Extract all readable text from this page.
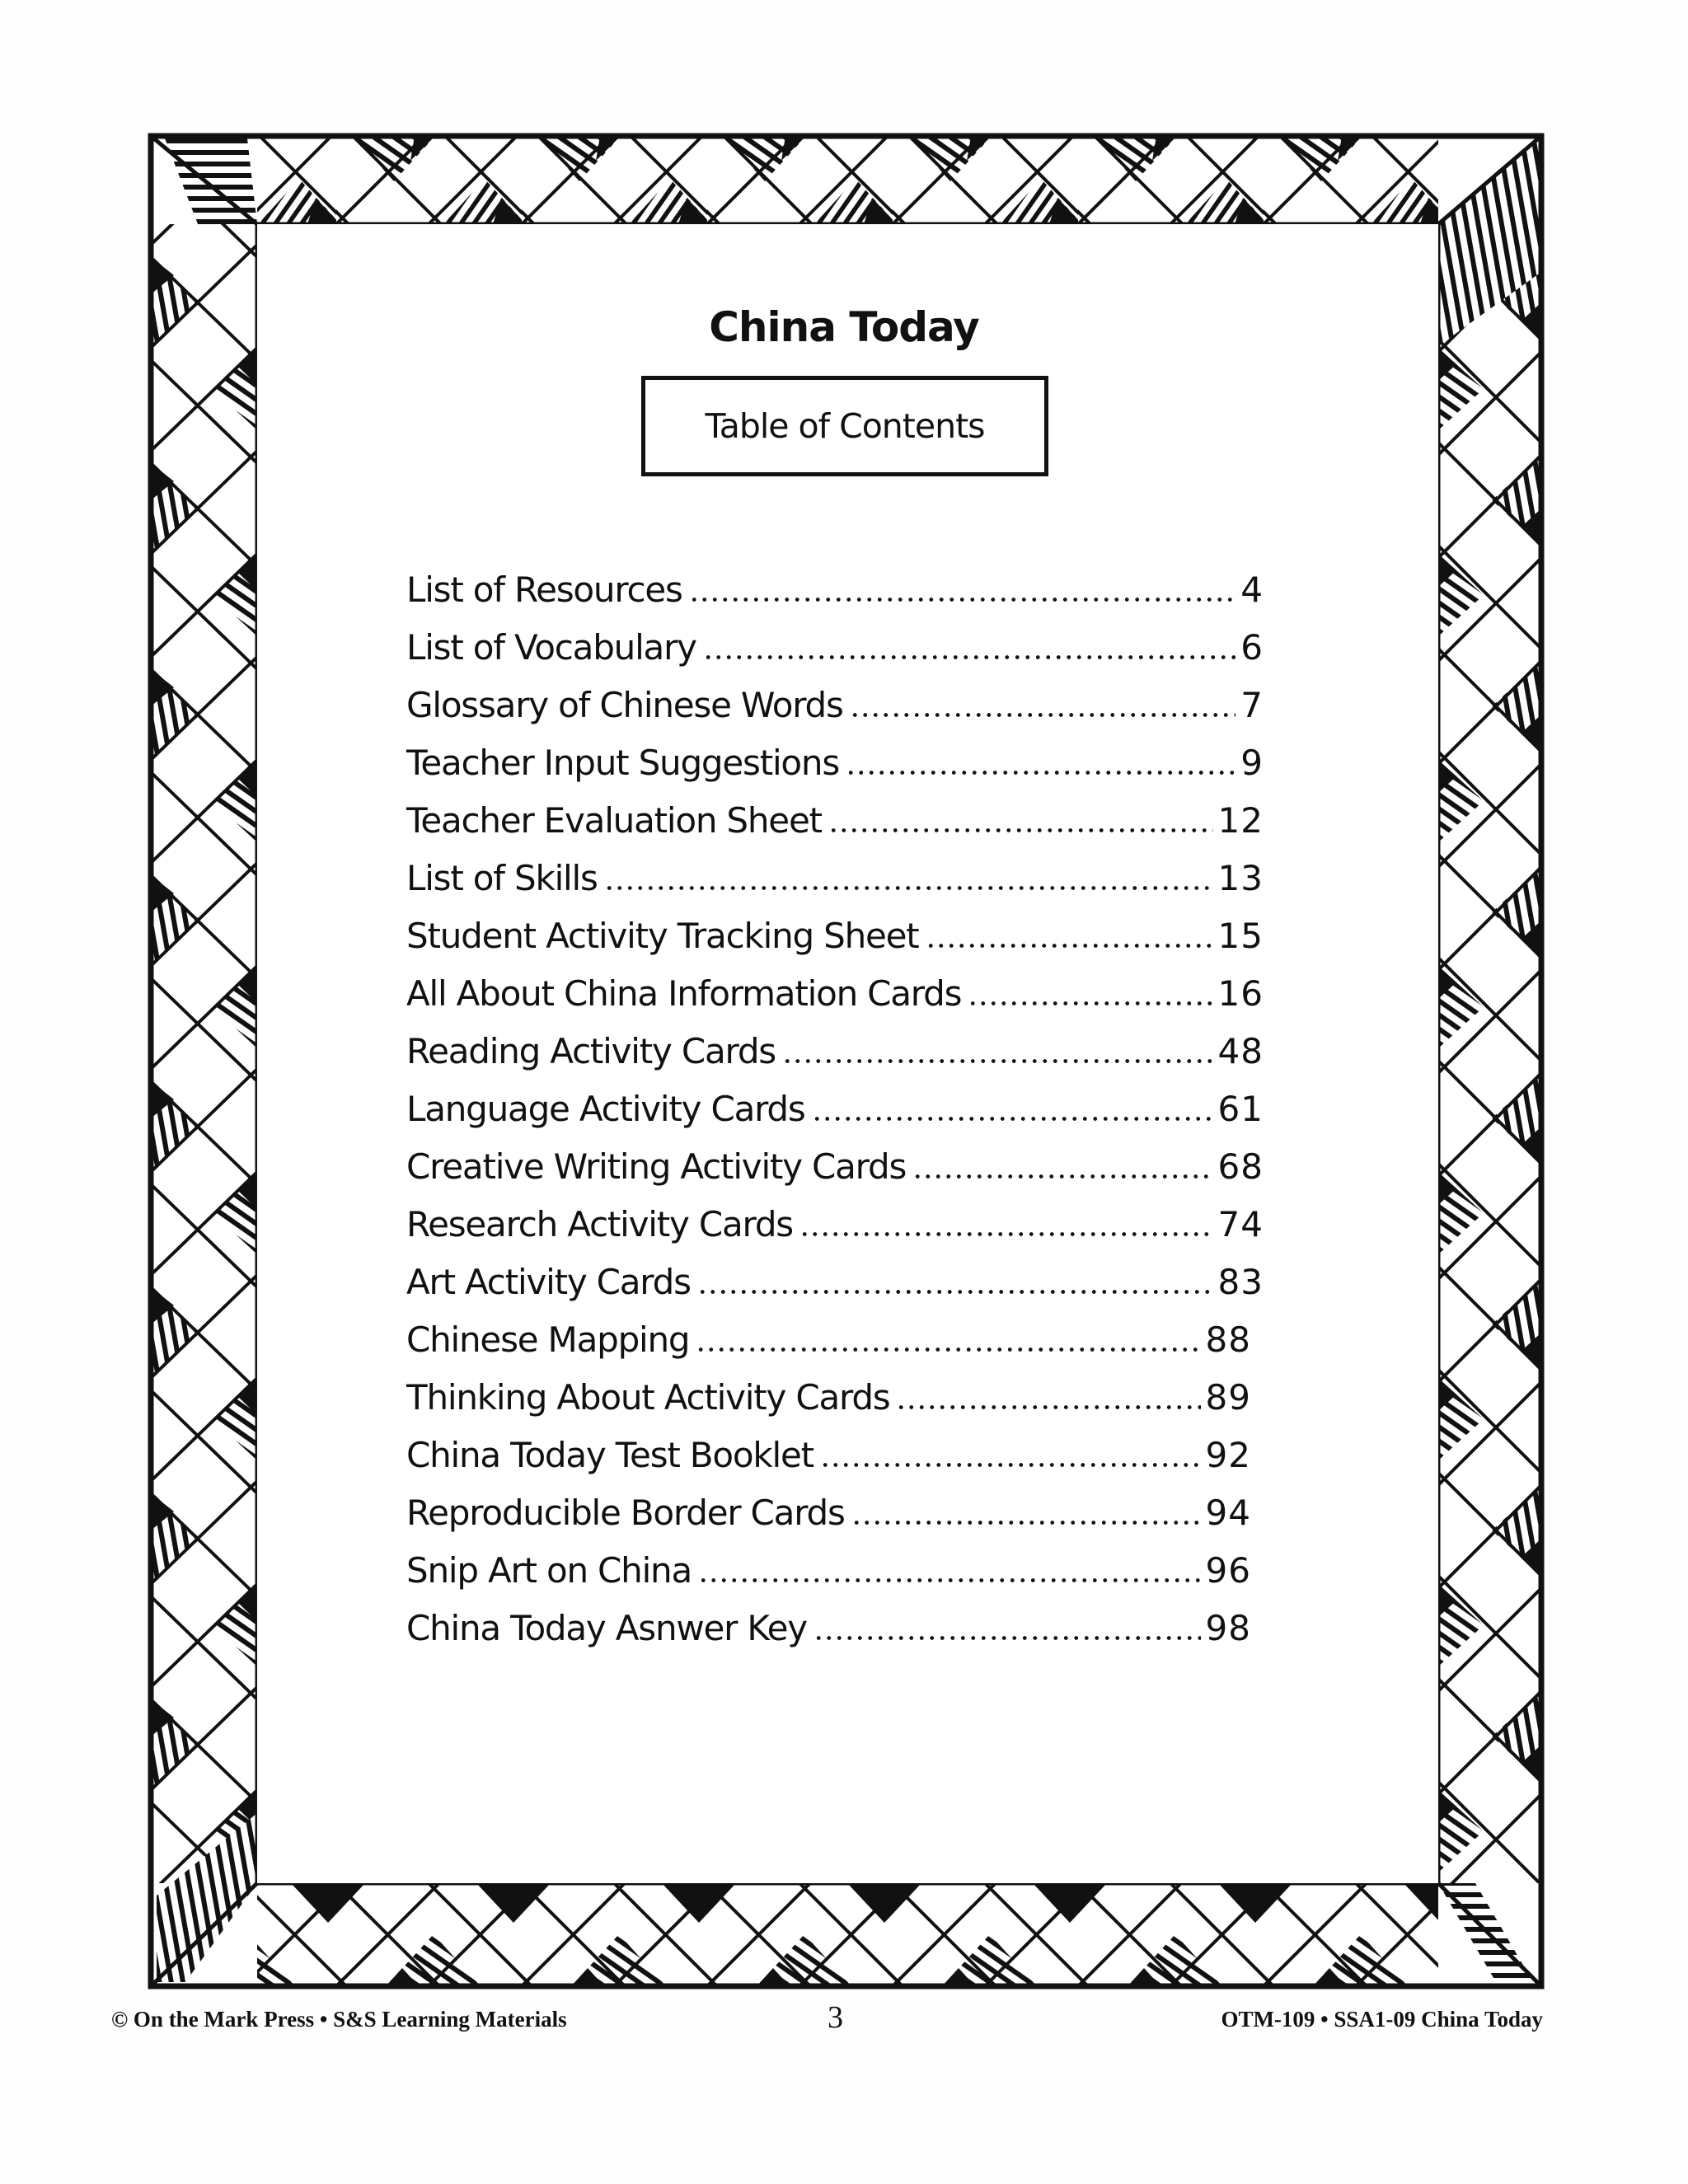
China Today
Table of Contents
List of Resources	4
List of Vocabulary	6
Glossary of Chinese Words	7
Teacher Input Suggestions	9
Teacher Evaluation Sheet	12
List of Skills	13
Student Activity Tracking Sheet	15
All About China Information Cards	16
Reading Activity Cards	48
Language Activity Cards	61
Creative Writing Activity Cards	68
Research Activity Cards	74
Art Activity Cards	83
Chinese Mapping	88
Thinking About Activity Cards	89
China Today Test Booklet	92
Reproducible Border Cards	94
Snip Art on China	96
China Today Asnwer Key	98
© On the Mark Press • S&S Learning Materials	3	OTM-109 • SSA1-09 China Today
